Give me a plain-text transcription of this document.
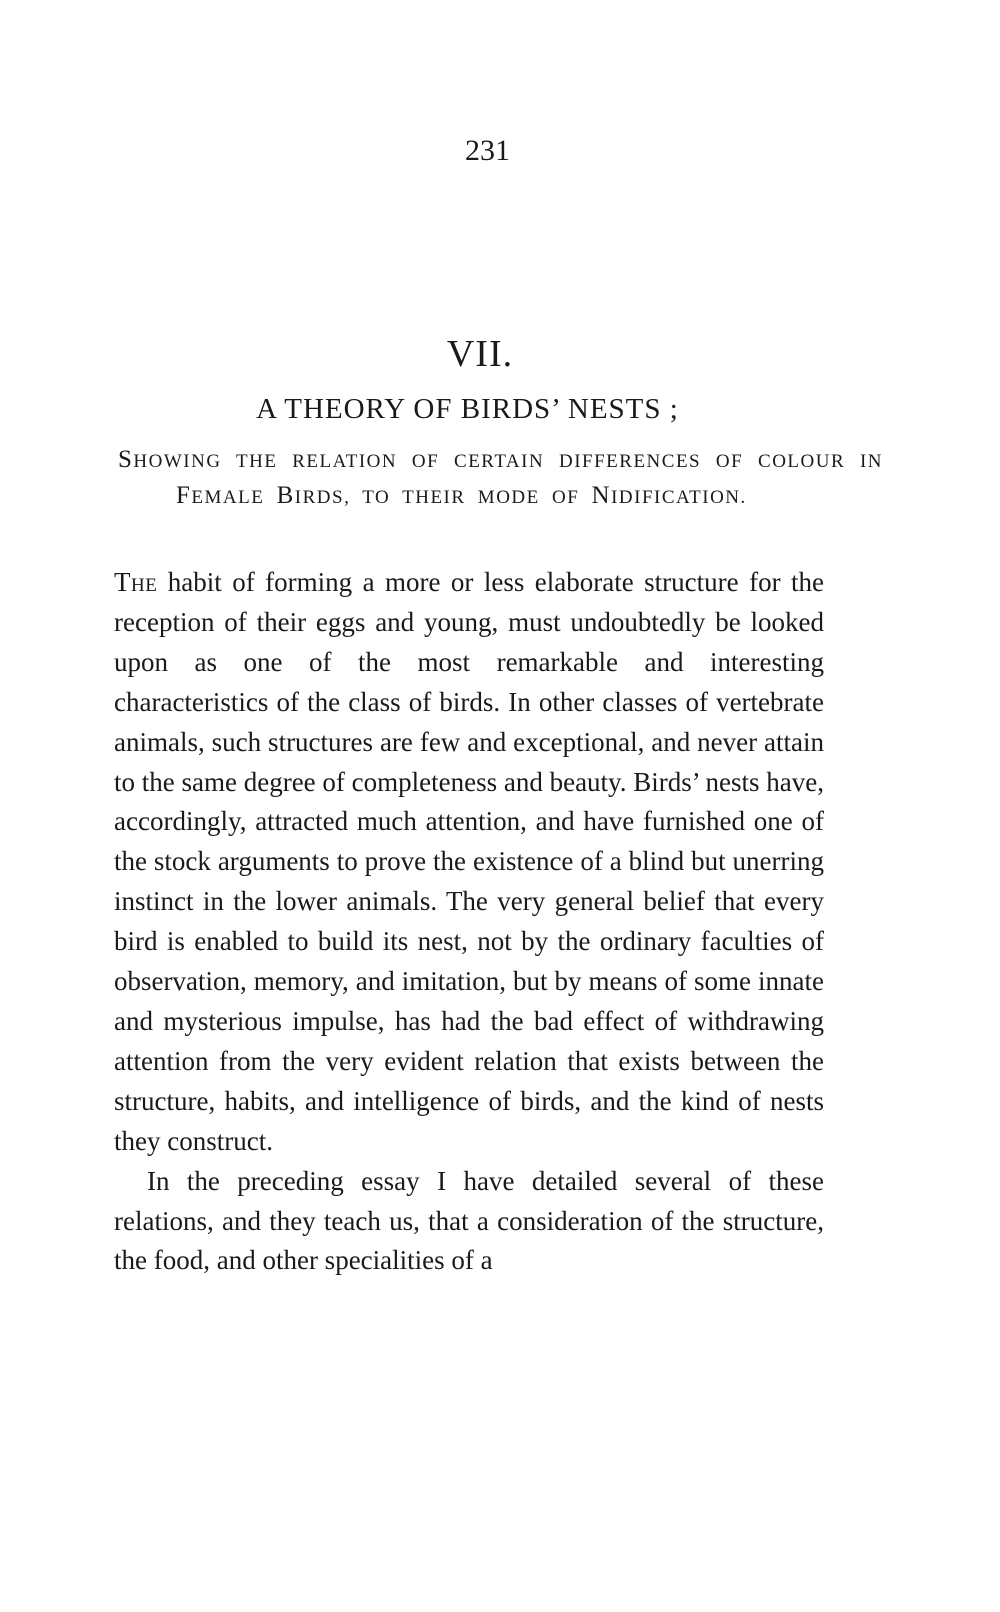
231
VII.
A THEORY OF BIRDS’ NESTS ;
SHOWING THE RELATION OF CERTAIN DIFFERENCES OF COLOUR IN FEMALE BIRDS, TO THEIR MODE OF NIDIFICATION.

The habit of forming a more or less elaborate structure for the reception of their eggs and young, must undoubtedly be looked upon as one of the most remarkable and interesting characteristics of the class of birds. In other classes of vertebrate animals, such structures are few and exceptional, and never attain to the same degree of completeness and beauty. Birds’ nests have, accordingly, attracted much attention, and have furnished one of the stock arguments to prove the existence of a blind but unerring instinct in the lower animals. The very general belief that every bird is enabled to build its nest, not by the ordinary faculties of observation, memory, and imitation, but by means of some innate and mysterious impulse, has had the bad effect of withdrawing attention from the very evident relation that exists between the structure, habits, and intelligence of birds, and the kind of nests they construct.

In the preceding essay I have detailed several of these relations, and they teach us, that a consideration of the structure, the food, and other specialities of a
